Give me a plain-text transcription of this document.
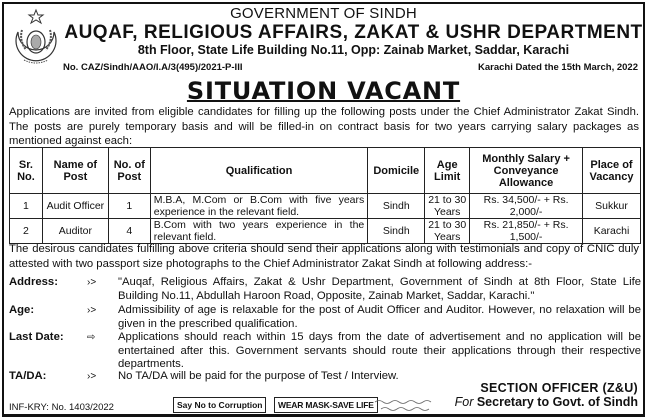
GOVERNMENT OF SINDH
AUQAF, RELIGIOUS AFFAIRS, ZAKAT & USHR DEPARTMENT
8th Floor, State Life Building No.11, Opp: Zainab Market, Saddar, Karachi
No. CAZ/Sindh/AAO/I.A/3(495)/2021-P-III	Karachi Dated the 15th March, 2022
SITUATION VACANT
Applications are invited from eligible candidates for filling up the following posts under the Chief Administrator Zakat Sindh. The posts are purely temporary basis and will be filled-in on contract basis for two years carrying salary packages as mentioned against each:
Sr. No.	Name of Post	No. of Post	Qualification	Domicile	Age Limit	Monthly Salary + Conveyance Allowance	Place of Vacancy
1	Audit Officer	1	M.B.A, M.Com or B.Com with five years experience in the relevant field.	Sindh	21 to 30 Years	Rs. 34,500/- + Rs. 2,000/-	Sukkur
2	Auditor	4	B.Com with two years experience in the relevant field.	Sindh	21 to 30 Years	Rs. 21,850/- + Rs. 1,500/-	Karachi
The desirous candidates fulfilling above criteria should send their applications along with testimonials and copy of CNIC duly attested with two passport size photographs to the Chief Administrator Zakat Sindh at following address:-
Address:	›> "Auqaf, Religious Affairs, Zakat & Ushr Department, Government of Sindh at 8th Floor, State Life Building No.11, Abdullah Haroon Road, Opposite, Zainab Market, Saddar, Karachi."
Age:	›> Admissibility of age is relaxable for the post of Audit Officer and Auditor. However, no relaxation will be given in the prescribed qualification.
Last Date: ⇨ Applications should reach within 15 days from the date of advertisement and no application will be entertained after this. Government servants should route their applications through their respective departments.
TA/DA:	›> No TA/DA will be paid for the purpose of Test / Interview.
SECTION OFFICER (Z&U)
For Secretary to Govt. of Sindh
INF-KRY: No. 1403/2022	Say No to Corruption	WEAR MASK-SAVE LIFE
